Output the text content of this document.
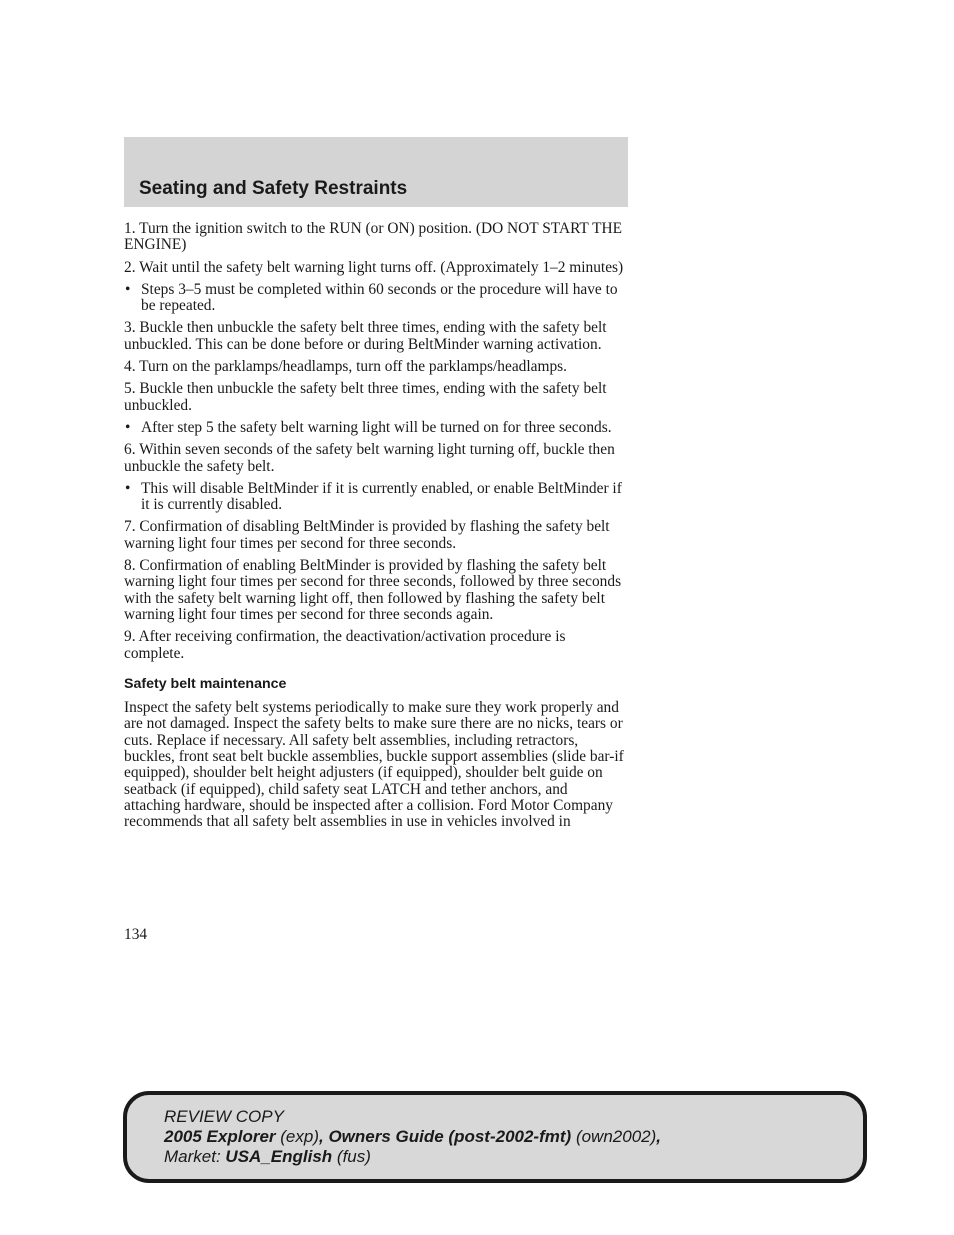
Seating and Safety Restraints

1. Turn the ignition switch to the RUN (or ON) position. (DO NOT START THE ENGINE)

2. Wait until the safety belt warning light turns off. (Approximately 1–2 minutes)

• Steps 3–5 must be completed within 60 seconds or the procedure will have to be repeated.

3. Buckle then unbuckle the safety belt three times, ending with the safety belt unbuckled. This can be done before or during BeltMinder warning activation.

4. Turn on the parklamps/headlamps, turn off the parklamps/headlamps.

5. Buckle then unbuckle the safety belt three times, ending with the safety belt unbuckled.

• After step 5 the safety belt warning light will be turned on for three seconds.

6. Within seven seconds of the safety belt warning light turning off, buckle then unbuckle the safety belt.

• This will disable BeltMinder if it is currently enabled, or enable BeltMinder if it is currently disabled.

7. Confirmation of disabling BeltMinder is provided by flashing the safety belt warning light four times per second for three seconds.

8. Confirmation of enabling BeltMinder is provided by flashing the safety belt warning light four times per second for three seconds, followed by three seconds with the safety belt warning light off, then followed by flashing the safety belt warning light four times per second for three seconds again.

9. After receiving confirmation, the deactivation/activation procedure is complete.

Safety belt maintenance

Inspect the safety belt systems periodically to make sure they work properly and are not damaged. Inspect the safety belts to make sure there are no nicks, tears or cuts. Replace if necessary. All safety belt assemblies, including retractors, buckles, front seat belt buckle assemblies, buckle support assemblies (slide bar-if equipped), shoulder belt height adjusters (if equipped), shoulder belt guide on seatback (if equipped), child safety seat LATCH and tether anchors, and attaching hardware, should be inspected after a collision. Ford Motor Company recommends that all safety belt assemblies in use in vehicles involved in

134
REVIEW COPY
2005 Explorer (exp), Owners Guide (post-2002-fmt) (own2002),
Market: USA_English (fus)
